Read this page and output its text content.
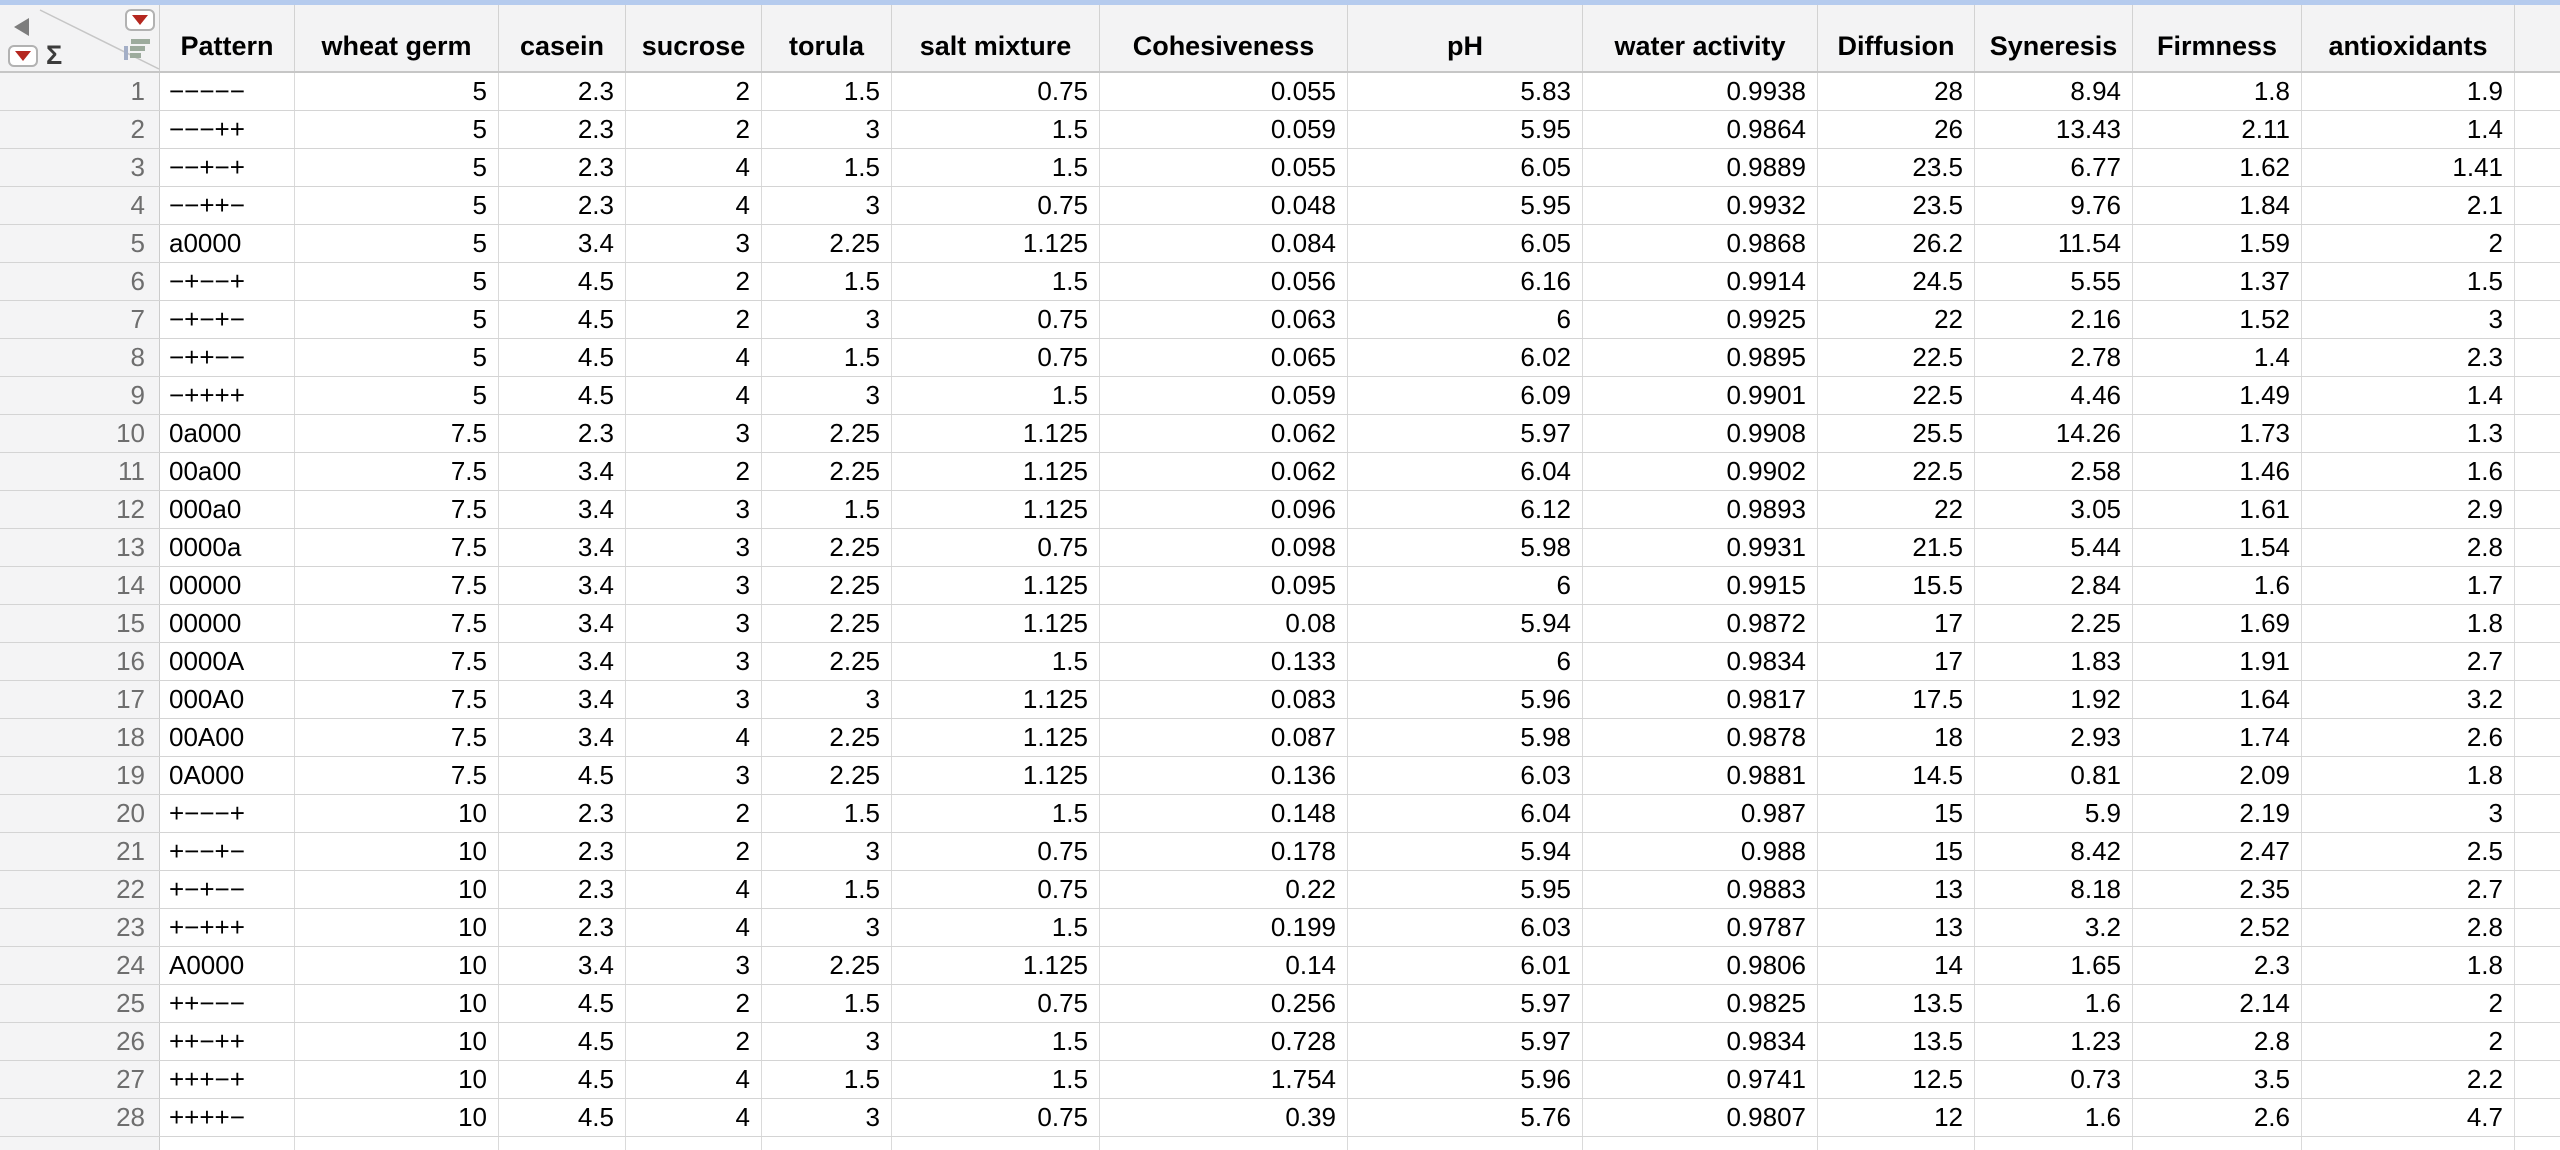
Σ	Pattern	wheat germ	casein	sucrose	torula	salt mixture	Cohesiveness	pH	water activity	Diffusion	Syneresis	Firmness	antioxidants
1 −−−−−	5	2.3	2	1.5	0.75	0.055	5.83	0.9938	28	8.94	1.8	1.9
2 −−−++	5	2.3	2	3	1.5	0.059	5.95	0.9864	26	13.43	2.11	1.4
3 −−+−+	5	2.3	4	1.5	1.5	0.055	6.05	0.9889	23.5	6.77	1.62	1.41
4 −−++−	5	2.3	4	3	0.75	0.048	5.95	0.9932	23.5	9.76	1.84	2.1
5 a0000	5	3.4	3	2.25	1.125	0.084	6.05	0.9868	26.2	11.54	1.59	2
6 −+−−+	5	4.5	2	1.5	1.5	0.056	6.16	0.9914	24.5	5.55	1.37	1.5
7 −+−+−	5	4.5	2	3	0.75	0.063	6	0.9925	22	2.16	1.52	3
8 −++−−	5	4.5	4	1.5	0.75	0.065	6.02	0.9895	22.5	2.78	1.4	2.3
9 −++++	5	4.5	4	3	1.5	0.059	6.09	0.9901	22.5	4.46	1.49	1.4
10 0a000	7.5	2.3	3	2.25	1.125	0.062	5.97	0.9908	25.5	14.26	1.73	1.3
11 00a00	7.5	3.4	2	2.25	1.125	0.062	6.04	0.9902	22.5	2.58	1.46	1.6
12 000a0	7.5	3.4	3	1.5	1.125	0.096	6.12	0.9893	22	3.05	1.61	2.9
13 0000a	7.5	3.4	3	2.25	0.75	0.098	5.98	0.9931	21.5	5.44	1.54	2.8
14 00000	7.5	3.4	3	2.25	1.125	0.095	6	0.9915	15.5	2.84	1.6	1.7
15 00000	7.5	3.4	3	2.25	1.125	0.08	5.94	0.9872	17	2.25	1.69	1.8
16 0000A	7.5	3.4	3	2.25	1.5	0.133	6	0.9834	17	1.83	1.91	2.7
17 000A0	7.5	3.4	3	3	1.125	0.083	5.96	0.9817	17.5	1.92	1.64	3.2
18 00A00	7.5	3.4	4	2.25	1.125	0.087	5.98	0.9878	18	2.93	1.74	2.6
19 0A000	7.5	4.5	3	2.25	1.125	0.136	6.03	0.9881	14.5	0.81	2.09	1.8
20 +−−−+	10	2.3	2	1.5	1.5	0.148	6.04	0.987	15	5.9	2.19	3
21 +−−+−	10	2.3	2	3	0.75	0.178	5.94	0.988	15	8.42	2.47	2.5
22 +−+−−	10	2.3	4	1.5	0.75	0.22	5.95	0.9883	13	8.18	2.35	2.7
23 +−+++	10	2.3	4	3	1.5	0.199	6.03	0.9787	13	3.2	2.52	2.8
24 A0000	10	3.4	3	2.25	1.125	0.14	6.01	0.9806	14	1.65	2.3	1.8
25 ++−−−	10	4.5	2	1.5	0.75	0.256	5.97	0.9825	13.5	1.6	2.14	2
26 ++−++	10	4.5	2	3	1.5	0.728	5.97	0.9834	13.5	1.23	2.8	2
27 +++−+	10	4.5	4	1.5	1.5	1.754	5.96	0.9741	12.5	0.73	3.5	2.2
28 ++++−	10	4.5	4	3	0.75	0.39	5.76	0.9807	12	1.6	2.6	4.7
